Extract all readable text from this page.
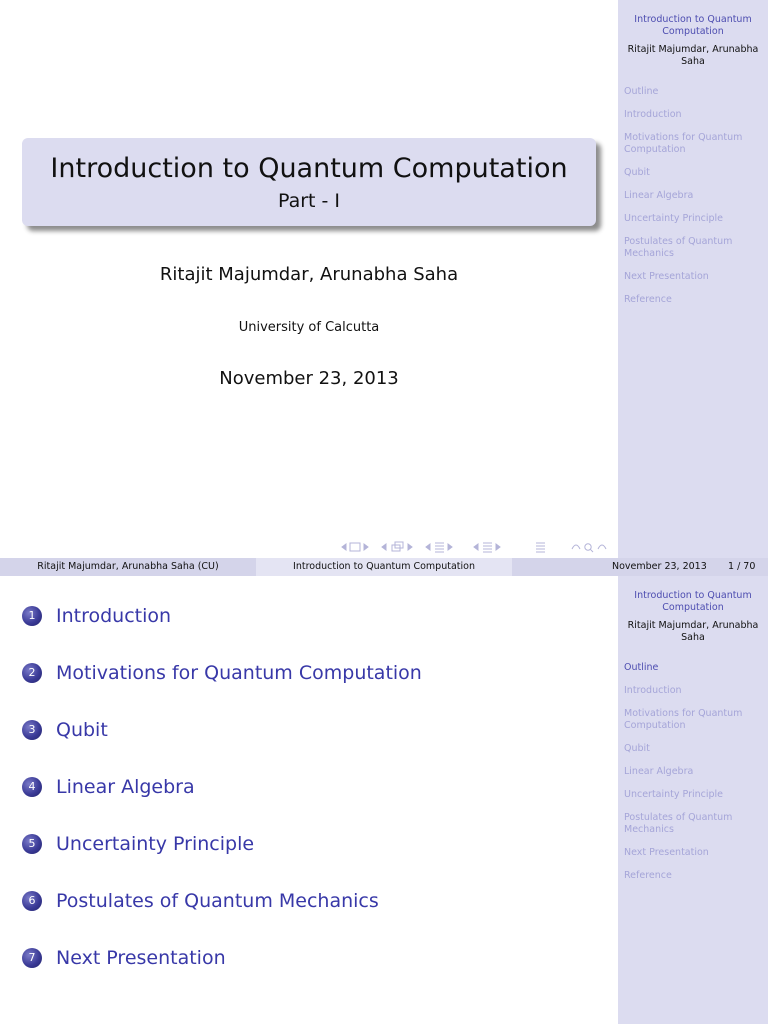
Introduction to Quantum Computation
Ritajit Majumdar, Arunabha Saha
Outline
Introduction
Motivations for Quantum Computation
Qubit
Linear Algebra
Uncertainty Principle
Postulates of Quantum Mechanics
Next Presentation
Reference
Introduction to Quantum Computation
Part - I
Ritajit Majumdar, Arunabha Saha
University of Calcutta
November 23, 2013
Ritajit Majumdar, Arunabha Saha (CU)	Introduction to Quantum Computation	November 23, 2013 1 / 70
Introduction to Quantum Computation
Ritajit Majumdar, Arunabha Saha
Outline
Introduction
Motivations for Quantum Computation
Qubit
Linear Algebra
Uncertainty Principle
Postulates of Quantum Mechanics
Next Presentation
Reference
1	Introduction
2	Motivations for Quantum Computation
3	Qubit
4	Linear Algebra
5	Uncertainty Principle
6	Postulates of Quantum Mechanics
7	Next Presentation
